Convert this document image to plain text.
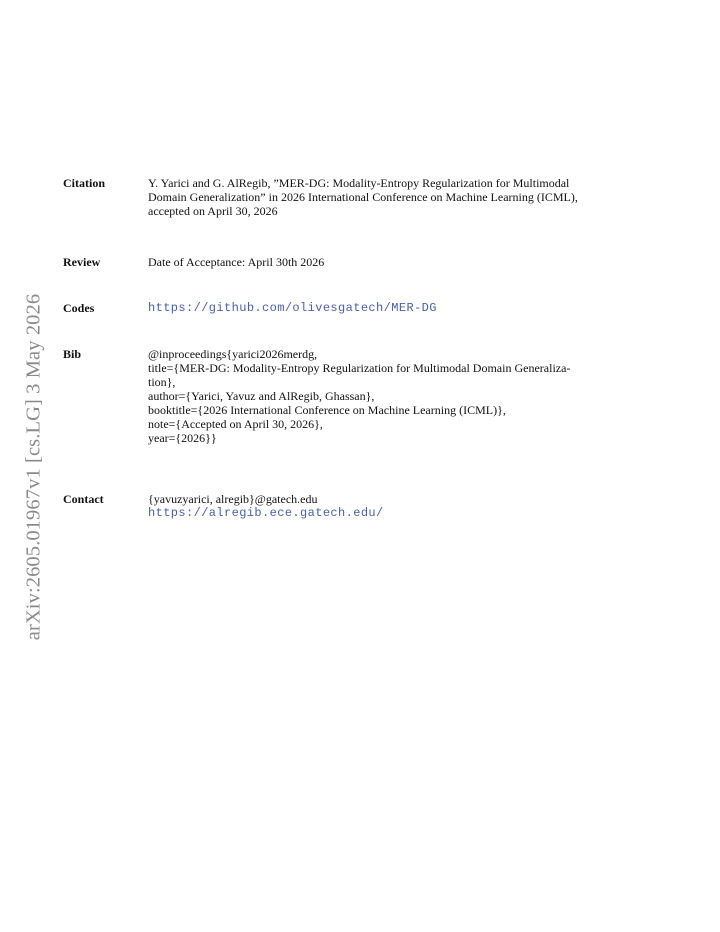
arXiv:2605.01967v1 [cs.LG] 3 May 2026
Citation	Y. Yarici and G. AlRegib, ”MER-DG: Modality-Entropy Regularization for Multimodal
Domain Generalization” in 2026 International Conference on Machine Learning (ICML),
accepted on April 30, 2026
Review	Date of Acceptance: April 30th 2026
Codes	https://github.com/olivesgatech/MER-DG
Bib	@inproceedings{yarici2026merdg,
title={MER-DG: Modality-Entropy Regularization for Multimodal Domain Generaliza-
tion},
author={Yarici, Yavuz and AlRegib, Ghassan},
booktitle={2026 International Conference on Machine Learning (ICML)},
note={Accepted on April 30, 2026},
year={2026}}
Contact	{yavuzyarici, alregib}@gatech.edu
https://alregib.ece.gatech.edu/
